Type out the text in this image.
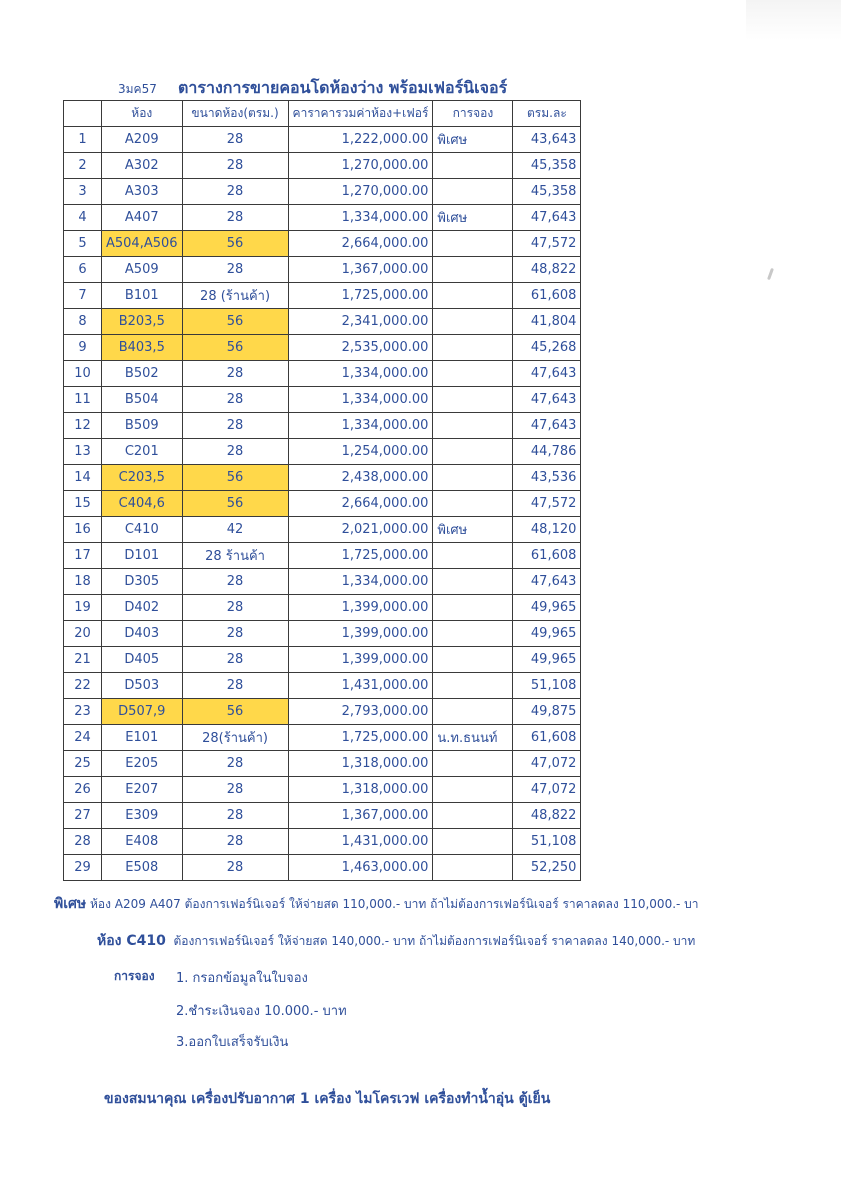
3มค57 ตารางการขายคอนโดห้องว่าง พร้อมเฟอร์นิเจอร์
	ห้อง	ขนาดห้อง(ตรม.)	คาราคารวมค่าห้อง+เฟอร์	การจอง	ตรม.ละ
1	A209	28	1,222,000.00	พิเศษ	43,643
2	A302	28	1,270,000.00		45,358
3	A303	28	1,270,000.00		45,358
4	A407	28	1,334,000.00	พิเศษ	47,643
5	A504,A506	56	2,664,000.00		47,572
6	A509	28	1,367,000.00		48,822
7	B101	28 (ร้านค้า)	1,725,000.00		61,608
8	B203,5	56	2,341,000.00		41,804
9	B403,5	56	2,535,000.00		45,268
10	B502	28	1,334,000.00		47,643
11	B504	28	1,334,000.00		47,643
12	B509	28	1,334,000.00		47,643
13	C201	28	1,254,000.00		44,786
14	C203,5	56	2,438,000.00		43,536
15	C404,6	56	2,664,000.00		47,572
16	C410	42	2,021,000.00	พิเศษ	48,120
17	D101	28 ร้านค้า	1,725,000.00		61,608
18	D305	28	1,334,000.00		47,643
19	D402	28	1,399,000.00		49,965
20	D403	28	1,399,000.00		49,965
21	D405	28	1,399,000.00		49,965
22	D503	28	1,431,000.00		51,108
23	D507,9	56	2,793,000.00		49,875
24	E101	28(ร้านค้า)	1,725,000.00	น.ท.ธนนท์	61,608
25	E205	28	1,318,000.00		47,072
26	E207	28	1,318,000.00		47,072
27	E309	28	1,367,000.00		48,822
28	E408	28	1,431,000.00		51,108
29	E508	28	1,463,000.00		52,250
พิเศษ ห้อง A209 A407 ต้องการเฟอร์นิเจอร์ ให้จ่ายสด 110,000.- บาท ถ้าไม่ต้องการเฟอร์นิเจอร์ ราคาลดลง 110,000.- บา
ห้อง C410 ต้องการเฟอร์นิเจอร์ ให้จ่ายสด 140,000.- บาท ถ้าไม่ต้องการเฟอร์นิเจอร์ ราคาลดลง 140,000.- บาท
การจอง 1. กรอกข้อมูลในใบจอง
2.ชำระเงินจอง 10.000.- บาท
3.ออกใบเสร็จรับเงิน
ของสมนาคุณ เครื่องปรับอากาศ 1 เครื่อง ไมโครเวฟ เครื่องทำน้ำอุ่น ตู้เย็น
